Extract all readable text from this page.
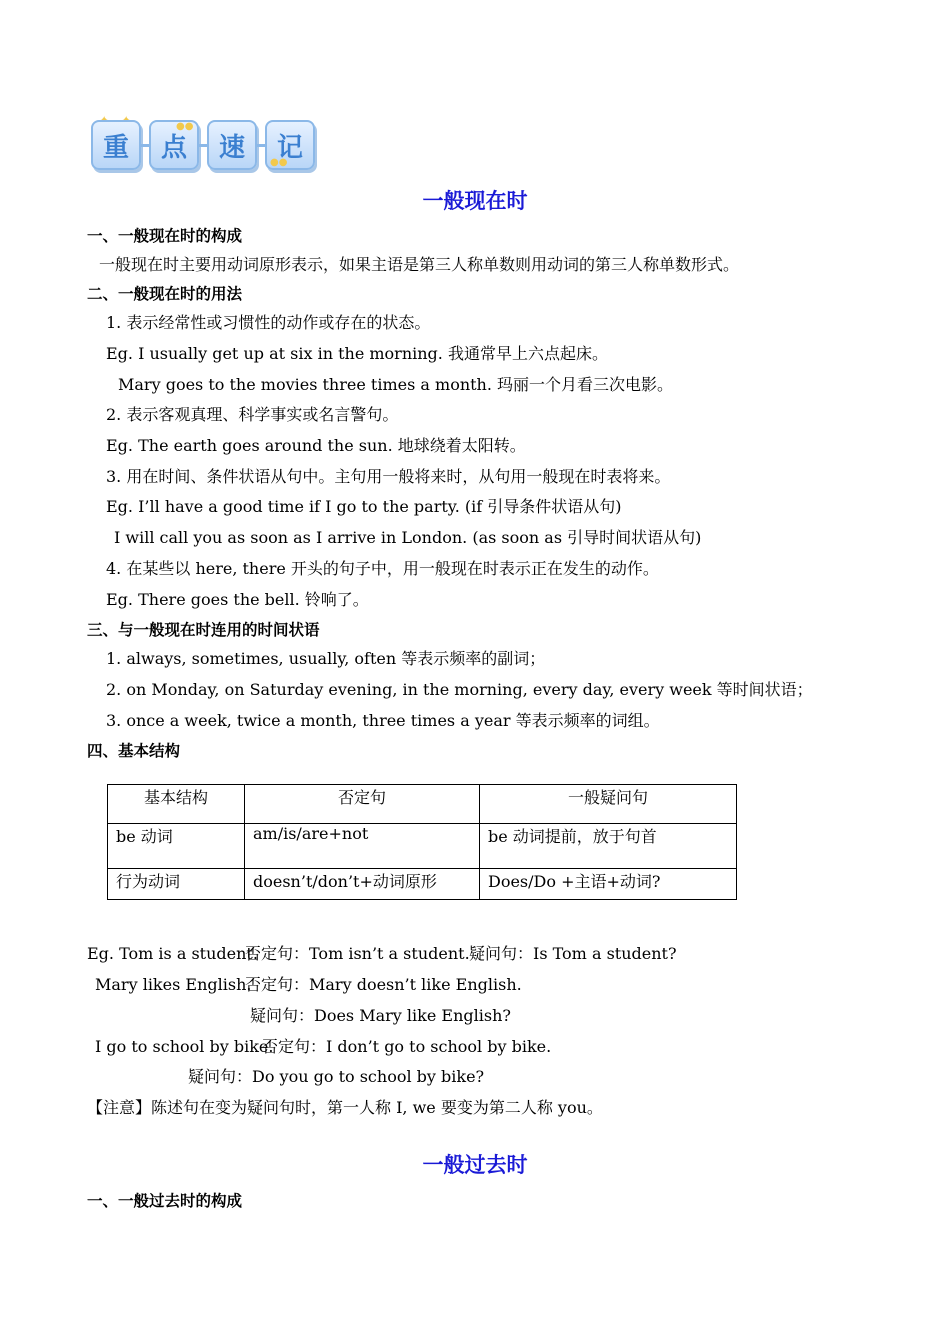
重	点	速	记
●●
●●
一般现在时
一、一般现在时的构成
一般现在时主要用动词原形表示，如果主语是第三人称单数则用动词的第三人称单数形式。
二、一般现在时的用法
1. 表示经常性或习惯性的动作或存在的状态。
Eg. I usually get up at six in the morning. 我通常早上六点起床。
Mary goes to the movies three times a month. 玛丽一个月看三次电影。
2. 表示客观真理、科学事实或名言警句。
Eg. The earth goes around the sun. 地球绕着太阳转。
3. 用在时间、条件状语从句中。主句用一般将来时，从句用一般现在时表将来。
Eg. I’ll have a good time if I go to the party. (if 引导条件状语从句)
I will call you as soon as I arrive in London. (as soon as 引导时间状语从句)
4. 在某些以 here, there 开头的句子中，用一般现在时表示正在发生的动作。
Eg. There goes the bell. 铃响了。
三、与一般现在时连用的时间状语
1. always, sometimes, usually, often 等表示频率的副词；
2. on Monday, on Saturday evening, in the morning, every day, every week 等时间状语；
3. once a week, twice a month, three times a year 等表示频率的词组。
四、基本结构
基本结构	否定句	一般疑问句
be 动词	am/is/are+not	be 动词提前，放于句首
行为动词	doesn’t/don’t+动词原形	Does/Do +主语+动词?
Eg. Tom is a student.
否定句：Tom isn’t a student. 疑问句：Is Tom a student?
Mary likes English.
否定句：Mary doesn’t like English.
疑问句：Does Mary like English?
I go to school by bike.
否定句：I don’t go to school by bike.
疑问句：Do you go to school by bike?
【注意】陈述句在变为疑问句时，第一人称 I, we 要变为第二人称 you。
一般过去时
一、一般过去时的构成
